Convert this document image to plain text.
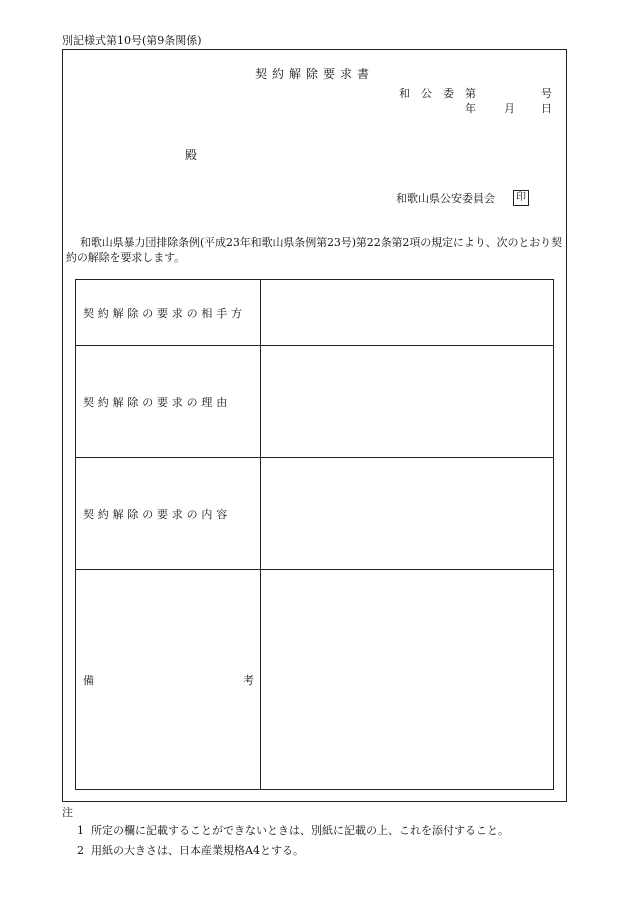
別記様式第10号(第9条関係)
契約解除要求書
和 公 委 第	号
年	月 日
殿
和歌山県公安委員会	印
和歌山県暴力団排除条例(平成23年和歌山県条例第23号)第22条第2項の規定により、次のとおり契約の解除を要求します。
契約解除の要求の相手方
契約解除の要求の理由
契約解除の要求の内容
備	考
注
1 所定の欄に記載することができないときは、別紙に記載の上、これを添付すること。
2 用紙の大きさは、日本産業規格A4とする。
